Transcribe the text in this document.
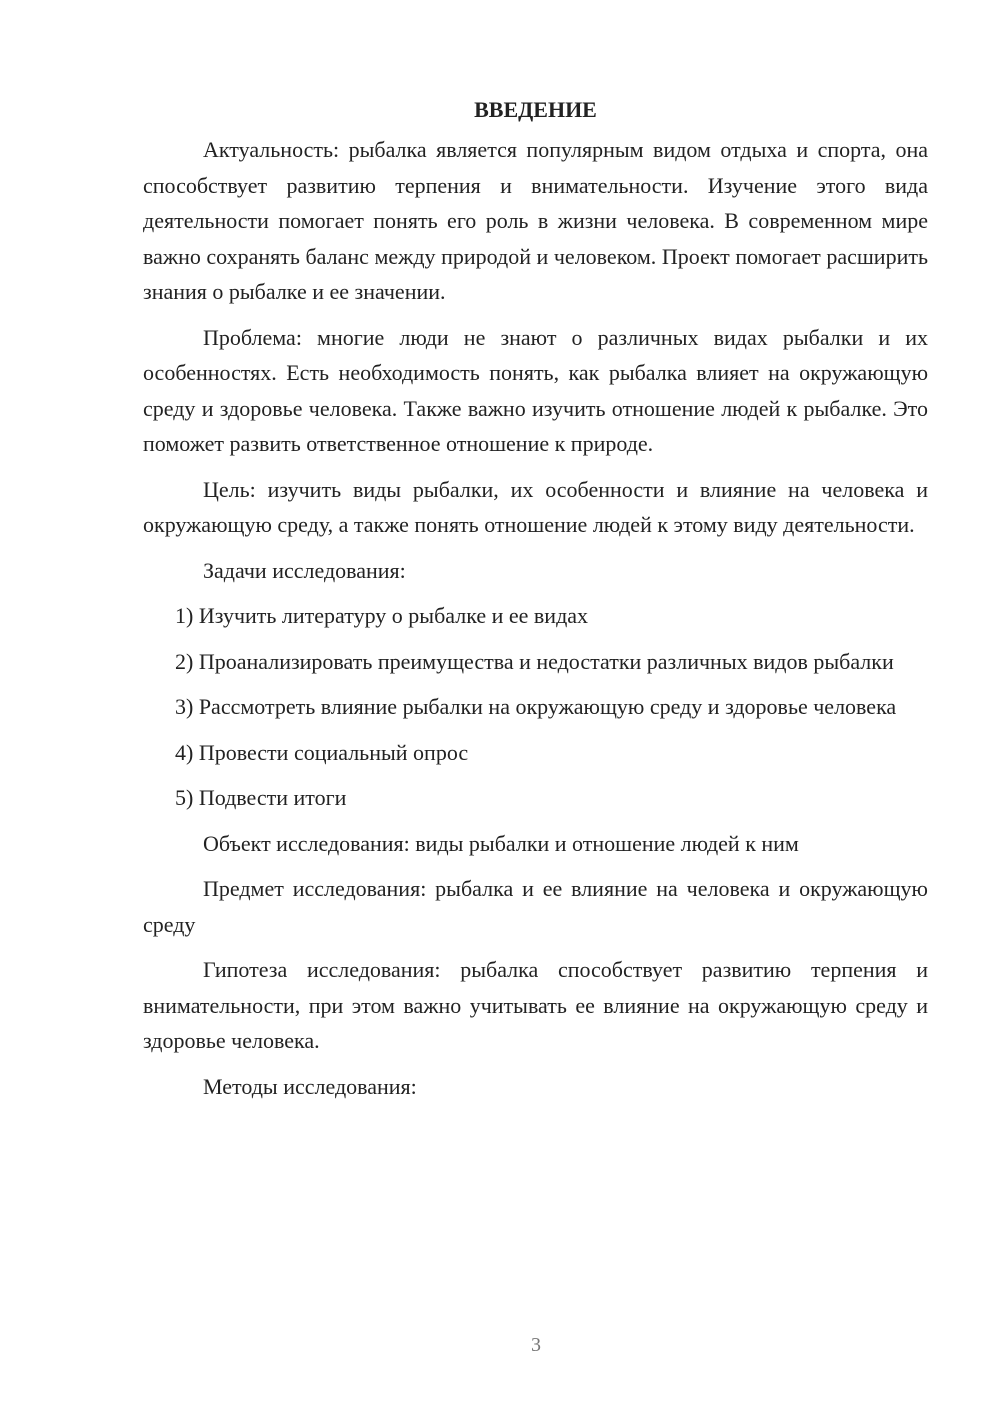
ВВЕДЕНИЕ

Актуальность: рыбалка является популярным видом отдыха и спорта, она способствует развитию терпения и внимательности. Изучение этого вида деятельности помогает понять его роль в жизни человека. В современном мире важно сохранять баланс между природой и человеком. Проект помогает расширить знания о рыбалке и ее значении.

Проблема: многие люди не знают о различных видах рыбалки и их особенностях. Есть необходимость понять, как рыбалка влияет на окружающую среду и здоровье человека. Также важно изучить отношение людей к рыбалке. Это поможет развить ответственное отношение к природе.

Цель: изучить виды рыбалки, их особенности и влияние на человека и окружающую среду, а также понять отношение людей к этому виду деятельности.

Задачи исследования:

1) Изучить литературу о рыбалке и ее видах

2) Проанализировать преимущества и недостатки различных видов рыбалки

3) Рассмотреть влияние рыбалки на окружающую среду и здоровье человека

4) Провести социальный опрос

5) Подвести итоги

Объект исследования: виды рыбалки и отношение людей к ним

Предмет исследования: рыбалка и ее влияние на человека и окружающую среду

Гипотеза исследования: рыбалка способствует развитию терпения и внимательности, при этом важно учитывать ее влияние на окружающую среду и здоровье человека.

Методы исследования:

3
